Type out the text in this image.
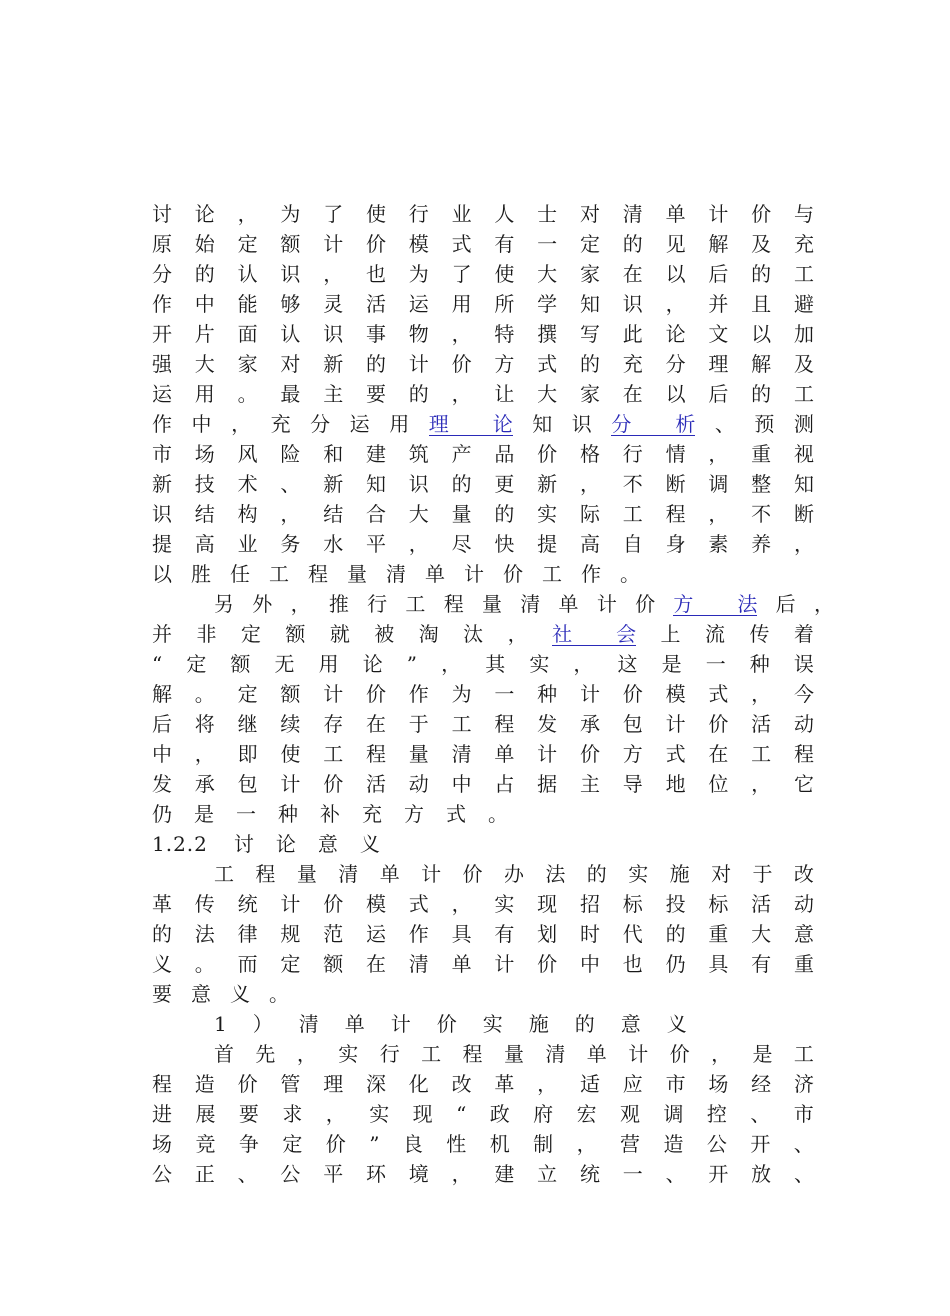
讨 论 ， 为 了 使 行 业 人 士 对 清 单 计 价 与
原 始 定 额 计 价 模 式 有 一 定 的 见 解 及 充
分 的 认 识 ， 也 为 了 使 大 家 在 以 后 的 工
作 中 能 够 灵 活 运 用 所 学 知 识 ， 并 且 避
开 片 面 认 识 事 物 ， 特 撰 写 此 论 文 以 加
强 大 家 对 新 的 计 价 方 式 的 充 分 理 解 及
运 用 。 最 主 要 的 ， 让 大 家 在 以 后 的 工
作 中 ， 充 分 运 用 理 论 知 识 分 析 、 预 测
市 场 风 险 和 建 筑 产 品 价 格 行 情 ， 重 视
新 技 术 、 新 知 识 的 更 新 ， 不 断 调 整 知
识 结 构 ， 结 合 大 量 的 实 际 工 程 ， 不 断
提 高 业 务 水 平 ， 尽 快 提 高 自 身 素 养 ，
以 胜 任 工 程 量 清 单 计 价 工 作 。
另 外 ， 推 行 工 程 量 清 单 计 价 方 法 后 ，
并 非 定 额 就 被 淘 汰 ， 社 会 上 流 传 着
“ 定 额 无 用 论 ” ， 其 实 ， 这 是 一 种 误
解 。 定 额 计 价 作 为 一 种 计 价 模 式 ， 今
后 将 继 续 存 在 于 工 程 发 承 包 计 价 活 动
中 ， 即 使 工 程 量 清 单 计 价 方 式 在 工 程
发 承 包 计 价 活 动 中 占 据 主 导 地 位 ， 它
仍 是 一 种 补 充 方 式 。
1.2.2 讨 论 意 义
工 程 量 清 单 计 价 办 法 的 实 施 对 于 改
革 传 统 计 价 模 式 ， 实 现 招 标 投 标 活 动
的 法 律 规 范 运 作 具 有 划 时 代 的 重 大 意
义 。 而 定 额 在 清 单 计 价 中 也 仍 具 有 重
要 意 义 。
1 ） 清 单 计 价 实 施 的 意 义
首 先 ， 实 行 工 程 量 清 单 计 价 ， 是 工
程 造 价 管 理 深 化 改 革 ， 适 应 市 场 经 济
进 展 要 求 ， 实 现 “ 政 府 宏 观 调 控 、 市
场 竞 争 定 价 ” 良 性 机 制 ， 营 造 公 开 、
公 正 、 公 平 环 境 ， 建 立 统 一 、 开 放 、
